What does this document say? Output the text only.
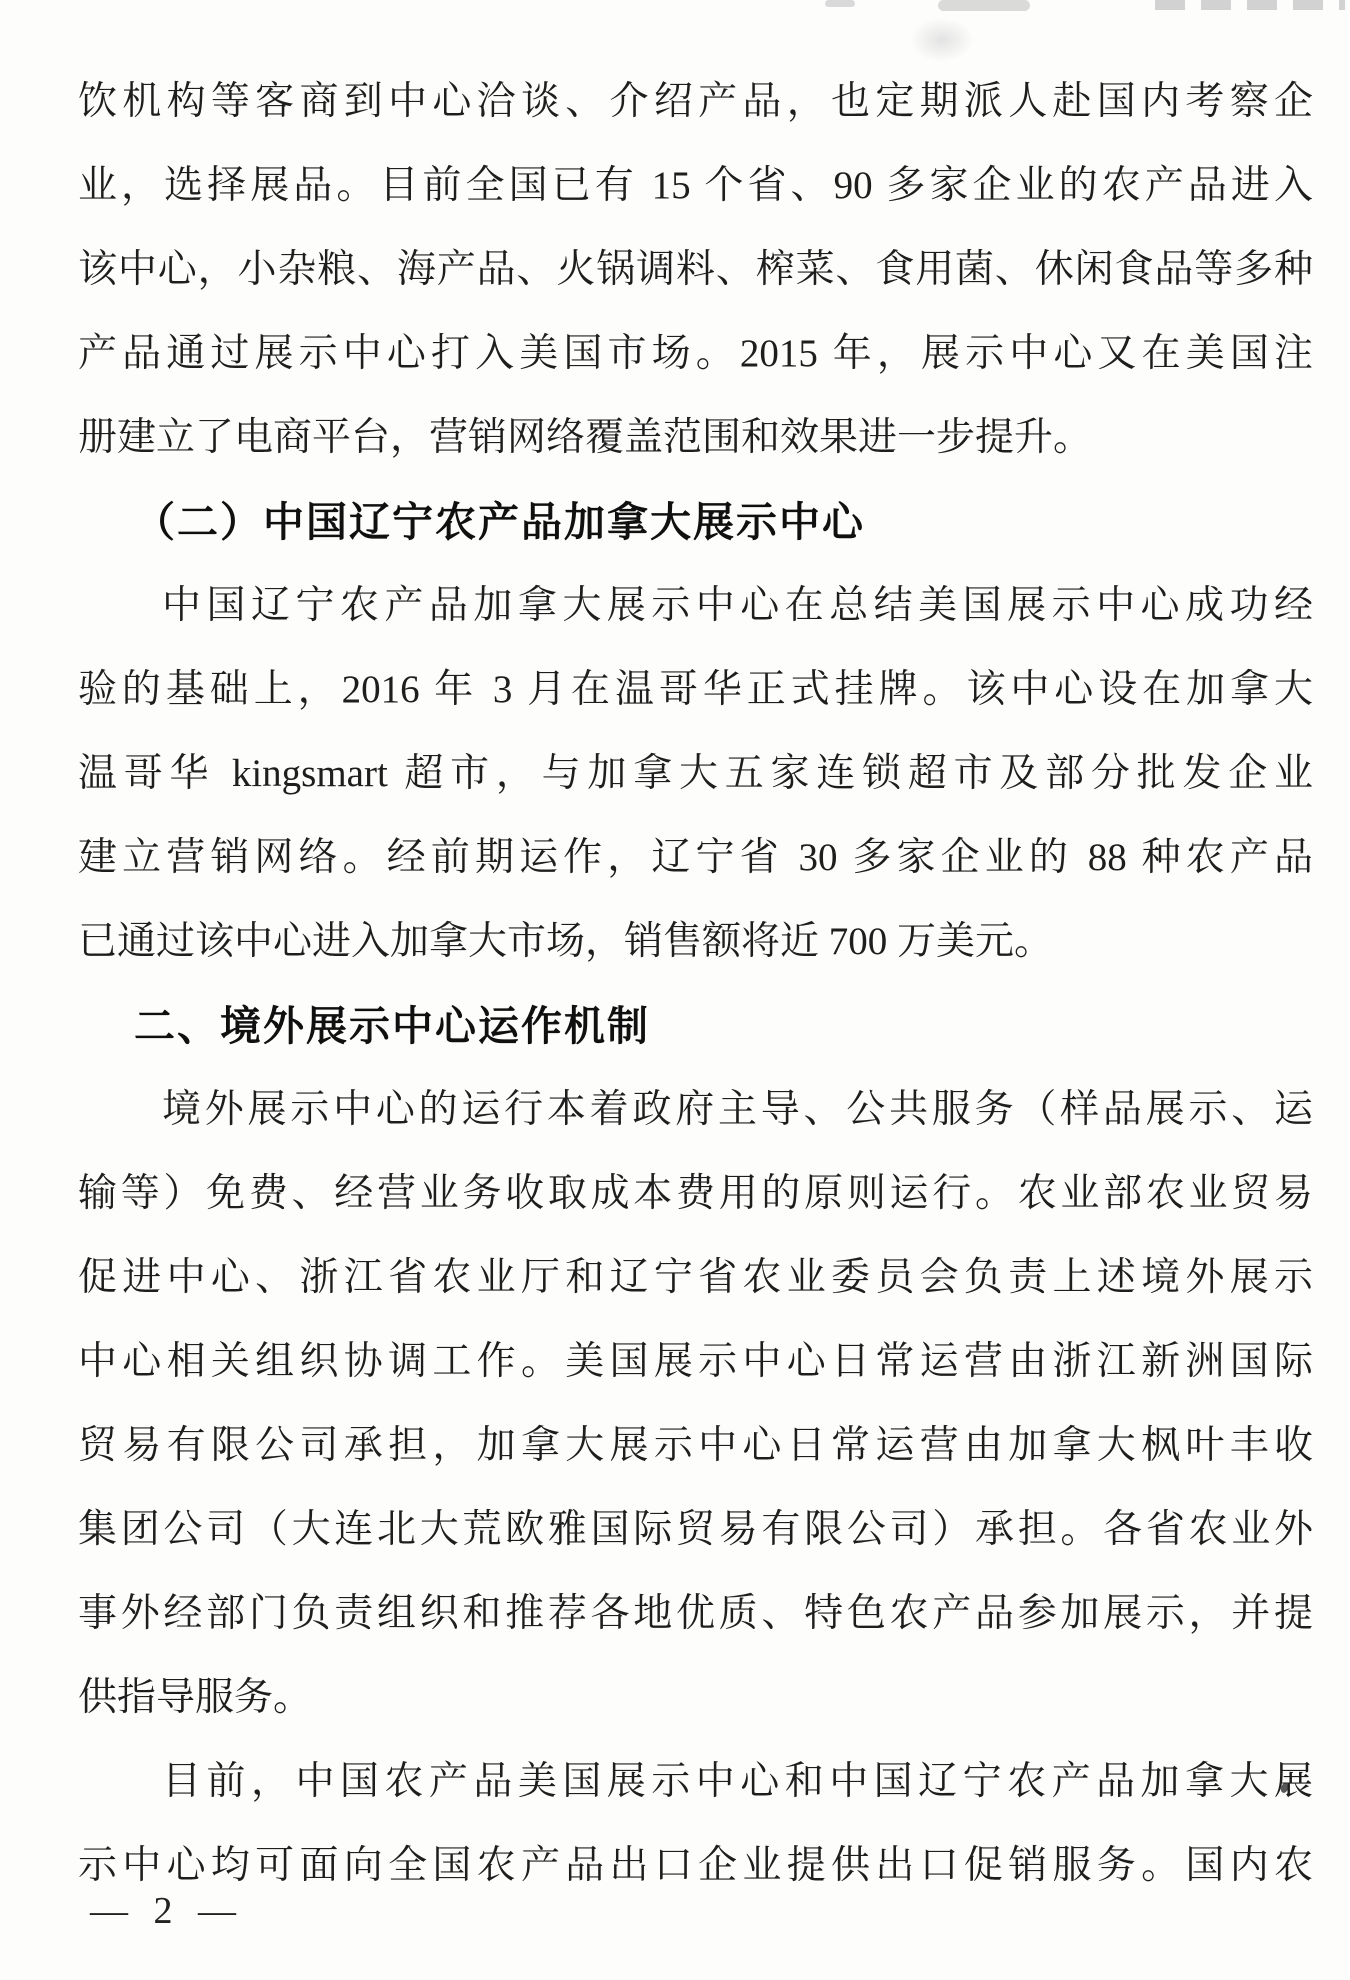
饮机构等客商到中心洽谈、介绍产品，也定期派人赴国内考察企
业，选择展品。目前全国已有 15 个省、90 多家企业的农产品进入
该中心，小杂粮、海产品、火锅调料、榨菜、食用菌、休闲食品等多种
产品通过展示中心打入美国市场。2015 年，展示中心又在美国注
册建立了电商平台，营销网络覆盖范围和效果进一步提升。
（二）中国辽宁农产品加拿大展示中心
中国辽宁农产品加拿大展示中心在总结美国展示中心成功经
验的基础上，2016 年 3 月在温哥华正式挂牌。该中心设在加拿大
温哥华 kingsmart 超市，与加拿大五家连锁超市及部分批发企业
建立营销网络。经前期运作，辽宁省 30 多家企业的 88 种农产品
已通过该中心进入加拿大市场，销售额将近 700 万美元。
二、境外展示中心运作机制
境外展示中心的运行本着政府主导、公共服务（样品展示、运
输等）免费、经营业务收取成本费用的原则运行。农业部农业贸易
促进中心、浙江省农业厅和辽宁省农业委员会负责上述境外展示
中心相关组织协调工作。美国展示中心日常运营由浙江新洲国际
贸易有限公司承担，加拿大展示中心日常运营由加拿大枫叶丰收
集团公司（大连北大荒欧雅国际贸易有限公司）承担。各省农业外
事外经部门负责组织和推荐各地优质、特色农产品参加展示，并提
供指导服务。
目前，中国农产品美国展示中心和中国辽宁农产品加拿大展
示中心均可面向全国农产品出口企业提供出口促销服务。国内农
— 2 —
